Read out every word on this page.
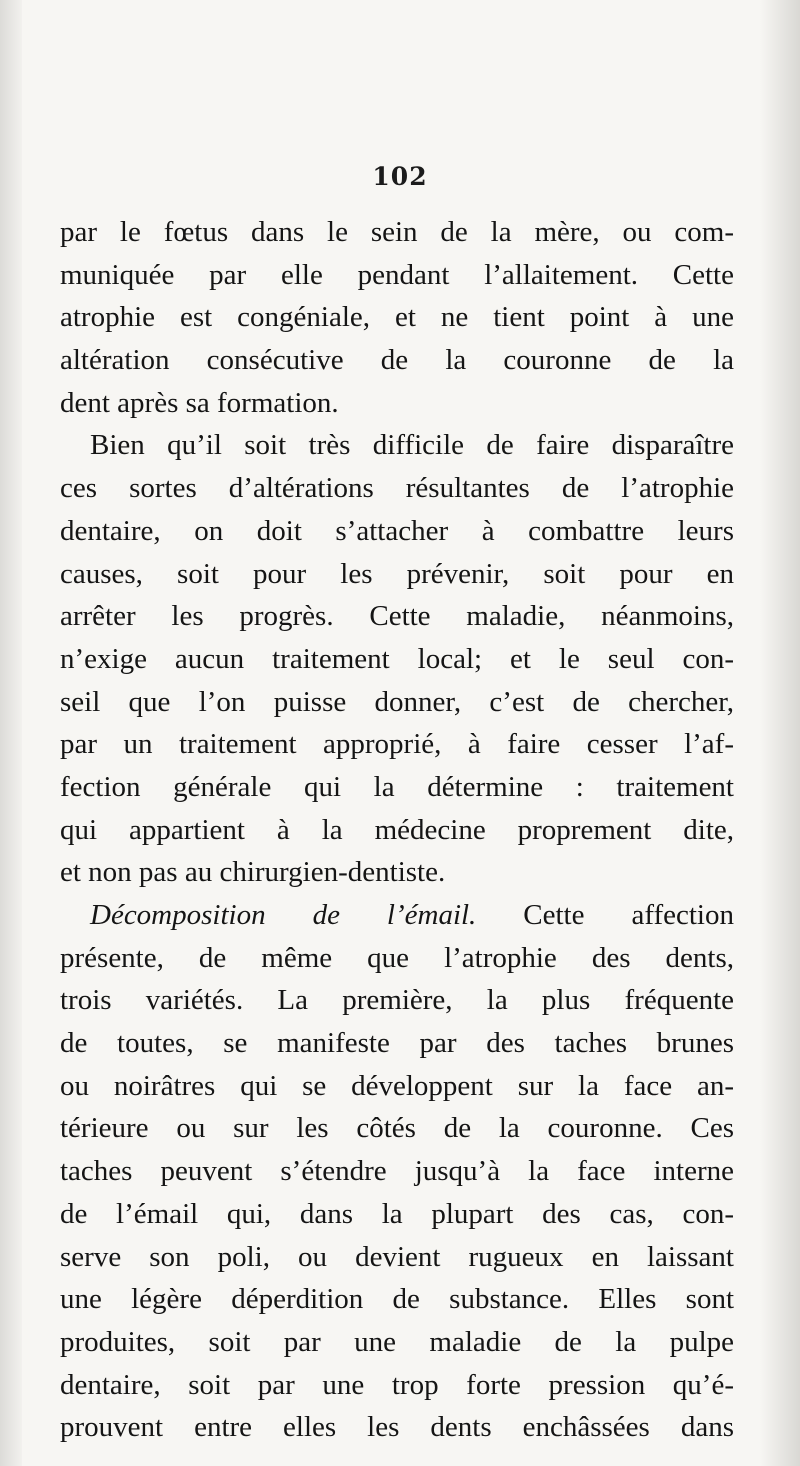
102
par le fœtus dans le sein de la mère, ou com-
muniquée par elle pendant l’allaitement. Cette
atrophie est congéniale, et ne tient point à une
altération consécutive de la couronne de la
dent après sa formation.
Bien qu’il soit très difficile de faire disparaître
ces sortes d’altérations résultantes de l’atrophie
dentaire, on doit s’attacher à combattre leurs
causes, soit pour les prévenir, soit pour en
arrêter les progrès. Cette maladie, néanmoins,
n’exige aucun traitement local; et le seul con-
seil que l’on puisse donner, c’est de chercher,
par un traitement approprié, à faire cesser l’af-
fection générale qui la détermine : traitement
qui appartient à la médecine proprement dite,
et non pas au chirurgien-dentiste.
Décomposition de l’émail. Cette affection
présente, de même que l’atrophie des dents,
trois variétés. La première, la plus fréquente
de toutes, se manifeste par des taches brunes
ou noirâtres qui se développent sur la face an-
térieure ou sur les côtés de la couronne. Ces
taches peuvent s’étendre jusqu’à la face interne
de l’émail qui, dans la plupart des cas, con-
serve son poli, ou devient rugueux en laissant
une légère déperdition de substance. Elles sont
produites, soit par une maladie de la pulpe
dentaire, soit par une trop forte pression qu’é-
prouvent entre elles les dents enchâssées dans
